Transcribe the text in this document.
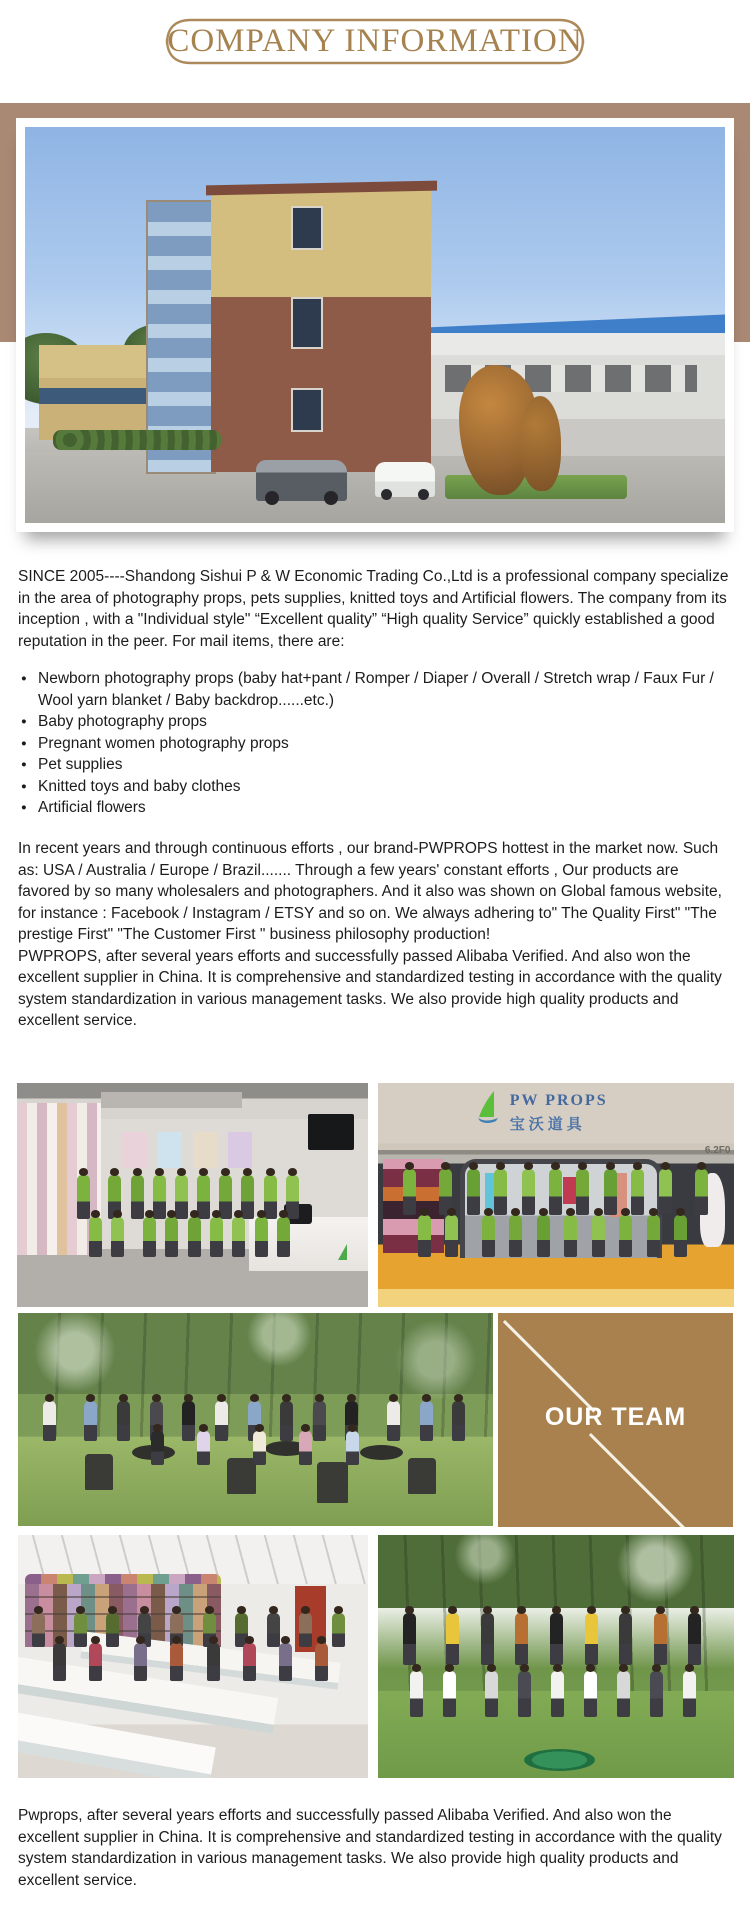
COMPANY INFORMATION

SINCE 2005----Shandong Sishui P & W Economic Trading Co.,Ltd is a professional company specialize in the area of photography props, pets supplies, knitted toys and Artificial flowers. The company from its inception , with a "Individual style" “Excellent quality” “High quality Service” quickly established a good reputation in the peer. For mail items, there are:

● Newborn photography props (baby hat+pant / Romper / Diaper / Overall / Stretch wrap / Faux Fur / Wool yarn blanket / Baby backdrop......etc.)
● Baby photography props
● Pregnant women photography props
● Pet supplies
● Knitted toys and baby clothes
● Artificial flowers

In recent years and through continuous efforts , our brand-PWPROPS hottest in the market now. Such as: USA / Australia / Europe / Brazil....... Through a few years' constant efforts , Our products are favored by so many wholesalers and photographers. And it also was shown on Global famous website, for instance : Facebook / Instagram / ETSY and so on. We always adhering to" The Quality First" "The prestige First" "The Customer First " business philosophy production!

PWPROPS, after several years efforts and successfully passed Alibaba Verified. And also won the excellent supplier in China. It is comprehensive and standardized testing in accordance with the quality system standardization in various management tasks. We also provide high quality products and excellent service.

PW PROPS
宝沃道具
6.2F0
OUR TEAM

Pwprops, after several years efforts and successfully passed Alibaba Verified. And also won the excellent supplier in China. It is comprehensive and standardized testing in accordance with the quality system standardization in various management tasks. We also provide high quality products and excellent service.
